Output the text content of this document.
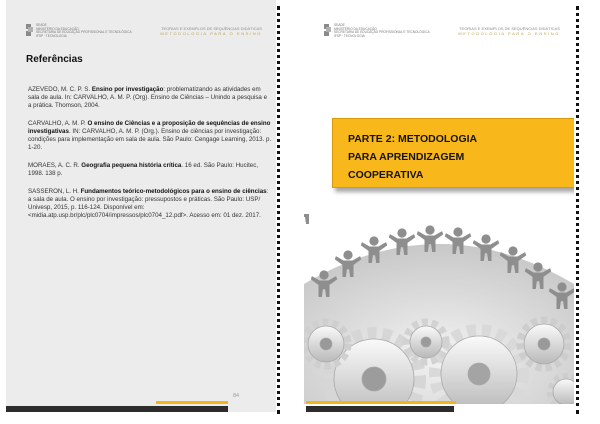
SEADE
MINISTÉRIO DA EDUCAÇÃO
SECRETARIA DE EDUCAÇÃO PROFISSIONAL E TECNOLÓGICA
IFSP · TECNOLOGIA
TEORIAS E EXEMPLOS DE SEQUÊNCIAS DIDÁTICAS
METODOLOGIA PARA O ENSINO
Referências

AZEVEDO, M. C. P. S. Ensino por investigação: problematizando as atividades em sala de aula. In: CARVALHO, A. M. P. (Org). Ensino de Ciências – Unindo a pesquisa e a prática. Thomson, 2004.

CARVALHO, A. M. P. O ensino de Ciências e a proposição de sequências de ensino investigativas. IN: CARVALHO, A. M. P. (Org.). Ensino de ciências por investigação: condições para implementação em sala de aula. São Paulo: Cengage Learning, 2013. p. 1-20.

MORAES, A. C. R. Geografia pequena história crítica. 16 ed. São Paulo: Hucitec, 1998. 138 p.

SASSERON, L. H. Fundamentos teórico-metodológicos para o ensino de ciências: a sala de aula. O ensino por investigação: pressupostos e práticas. São Paulo: USP/ Univesp, 2015, p. 116-124. Disponível em: <midia.atp.usp.br/plc/plc0704/impressos/plc0704_12.pdf>. Acesso em: 01 dez. 2017.

84
SEADE
MINISTÉRIO DA EDUCAÇÃO
SECRETARIA DE EDUCAÇÃO PROFISSIONAL E TECNOLÓGICA
IFSP · TECNOLOGIA
TEORIAS E EXEMPLOS DE SEQUÊNCIAS DIDÁTICAS
METODOLOGIA PARA O ENSINO
PARTE 2: METODOLOGIA
PARA APRENDIZAGEM
COOPERATIVA
